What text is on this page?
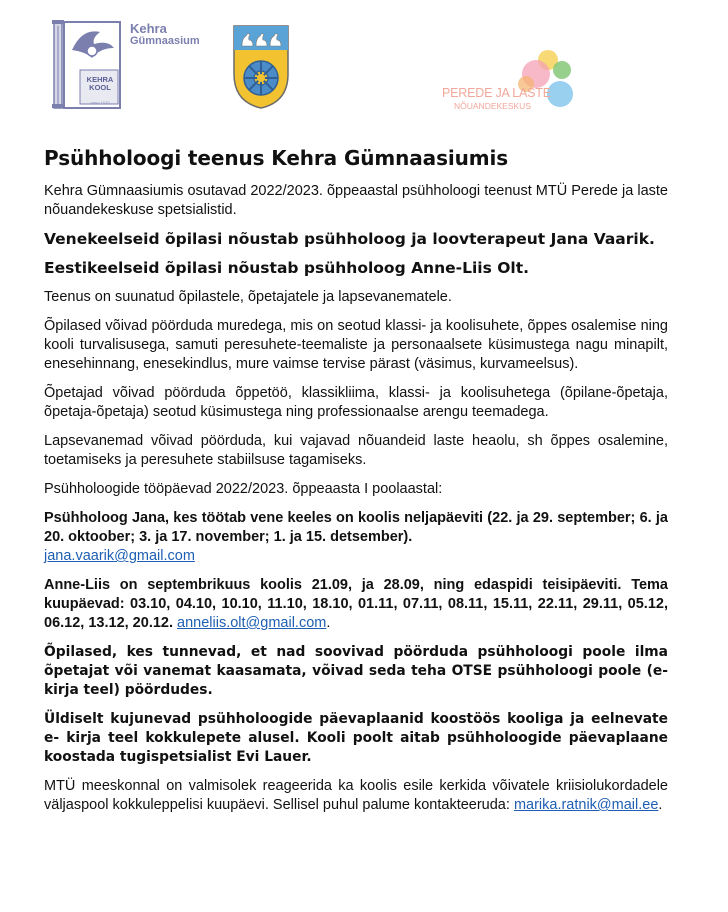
Kehra
Gümnaasium
KEHRA
KOOL
anno 1670
PEREDE JA LASTE
NÕUANDEKESKUS
Psühholoogi teenus Kehra Gümnaasiumis

Kehra Gümnaasiumis osutavad 2022/2023. õppeaastal psühholoogi teenust MTÜ Perede ja laste nõuandekeskuse spetsialistid.

Venekeelseid õpilasi nõustab psühholoog ja loovterapeut Jana Vaarik.

Eestikeelseid õpilasi nõustab psühholoog Anne-Liis Olt.

Teenus on suunatud õpilastele, õpetajatele ja lapsevanematele.

Õpilased võivad pöörduda muredega, mis on seotud klassi- ja koolisuhete, õppes osalemise ning kooli turvalisusega, samuti peresuhete-teemaliste ja personaalsete küsimustega nagu minapilt, enesehinnang, enesekindlus, mure vaimse tervise pärast (väsimus, kurvameelsus).

Õpetajad võivad pöörduda õppetöö, klassikliima, klassi- ja koolisuhetega (õpilane-õpetaja, õpetaja-õpetaja) seotud küsimustega ning professionaalse arengu teemadega.

Lapsevanemad võivad pöörduda, kui vajavad nõuandeid laste heaolu, sh õppes osalemine, toetamiseks ja peresuhete stabiilsuse tagamiseks.

Psühholoogide tööpäevad 2022/2023. õppeaasta I poolaastal:

Psühholoog Jana, kes töötab vene keeles on koolis neljapäeviti (22. ja 29. september; 6. ja 20. oktoober; 3. ja 17. november; 1. ja 15. detsember).
jana.vaarik@gmail.com

Anne-Liis on septembrikuus koolis 21.09, ja 28.09, ning edaspidi teisipäeviti. Tema kuupäevad: 03.10, 04.10, 10.10, 11.10, 18.10, 01.11, 07.11, 08.11, 15.11, 22.11, 29.11, 05.12, 06.12, 13.12, 20.12. anneliis.olt@gmail.com.

Õpilased, kes tunnevad, et nad soovivad pöörduda psühholoogi poole ilma õpetajat või vanemat kaasamata, võivad seda teha OTSE psühholoogi poole (e-kirja teel) pöördudes.

Üldiselt kujunevad psühholoogide päevaplaanid koostöös kooliga ja eelnevate e- kirja teel kokkulepete alusel. Kooli poolt aitab psühholoogide päevaplaane koostada tugispetsialist Evi Lauer.

MTÜ meeskonnal on valmisolek reageerida ka koolis esile kerkida võivatele kriisiolukordadele väljaspool kokkuleppelisi kuupäevi. Sellisel puhul palume kontakteeruda: marika.ratnik@mail.ee.
